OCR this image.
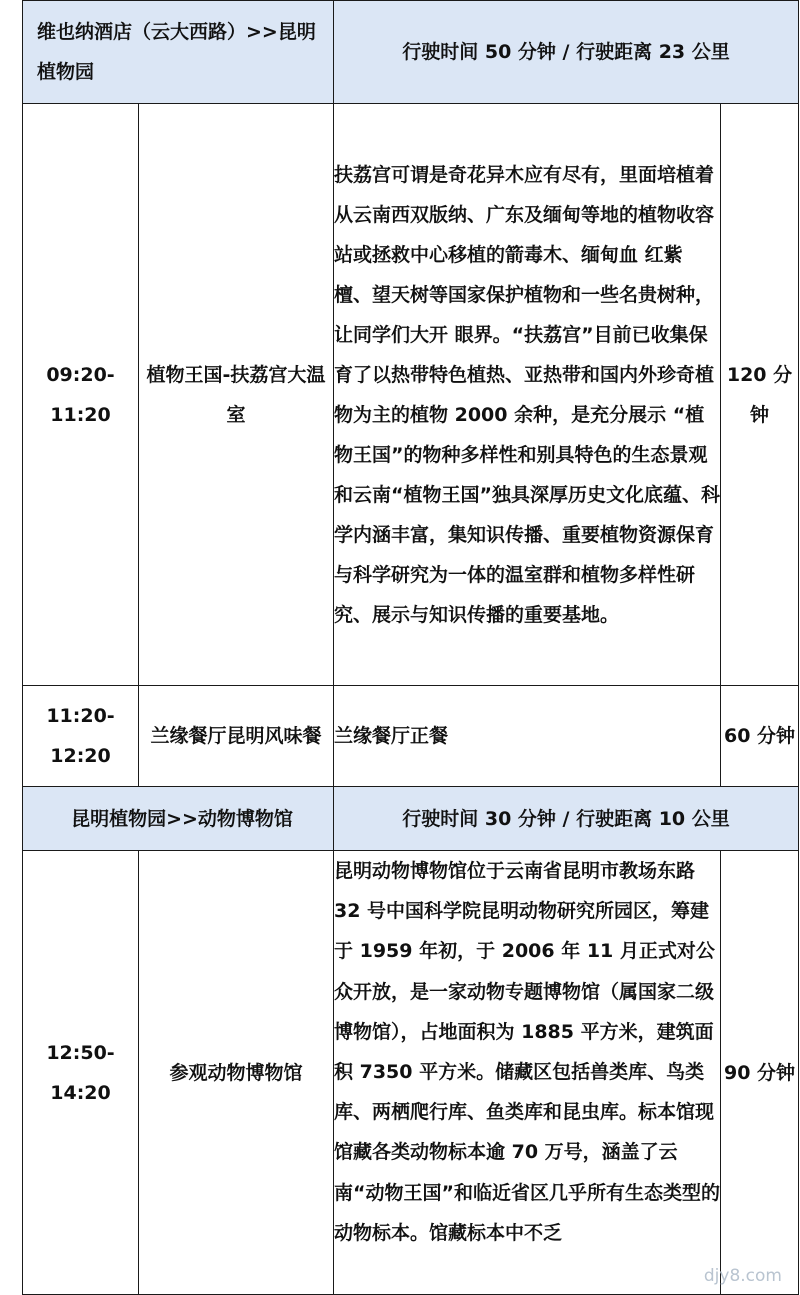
维也纳酒店（云大西路）>>昆明植物园		行驶时间 50 分钟 / 行驶距离 23 公里	
09:20-11:20	植物王国-扶荔宫大温室	扶荔宫可谓是奇花异木应有尽有，里面培植着从云南西双版纳、广东及缅甸等地的植物收容站或拯救中心移植的箭毒木、缅甸血 红紫檀、望天树等国家保护植物和一些名贵树种，让同学们大开 眼界。“扶荔宫”目前已收集保育了以热带特色植热、亚热带和国内外珍奇植物为主的植物 2000 余种，是充分展示 “植物王国”的物种多样性和别具特色的生态景观和云南“植物王国”独具深厚历史文化底蕴、科学内涵丰富，集知识传播、重要植物资源保育与科学研究为一体的温室群和植物多样性研究、展示与知识传播的重要基地。	120 分钟
11:20-12:20	兰缘餐厅昆明风味餐	兰缘餐厅正餐	60 分钟
昆明植物园>>动物博物馆		行驶时间 30 分钟 / 行驶距离 10 公里	
12:50-14:20	参观动物博物馆	昆明动物博物馆位于云南省昆明市教场东路 32 号中国科学院昆明动物研究所园区，筹建于 1959 年初，于 2006 年 11 月正式对公众开放，是一家动物专题博物馆（属国家二级博物馆），占地面积为 1885 平方米，建筑面积 7350 平方米。储藏区包括兽类库、鸟类库、两栖爬行库、鱼类库和昆虫库。标本馆现馆藏各类动物标本逾 70 万号，涵盖了云南“动物王国”和临近省区几乎所有生态类型的动物标本。馆藏标本中不乏	90 分钟
djy8.com
